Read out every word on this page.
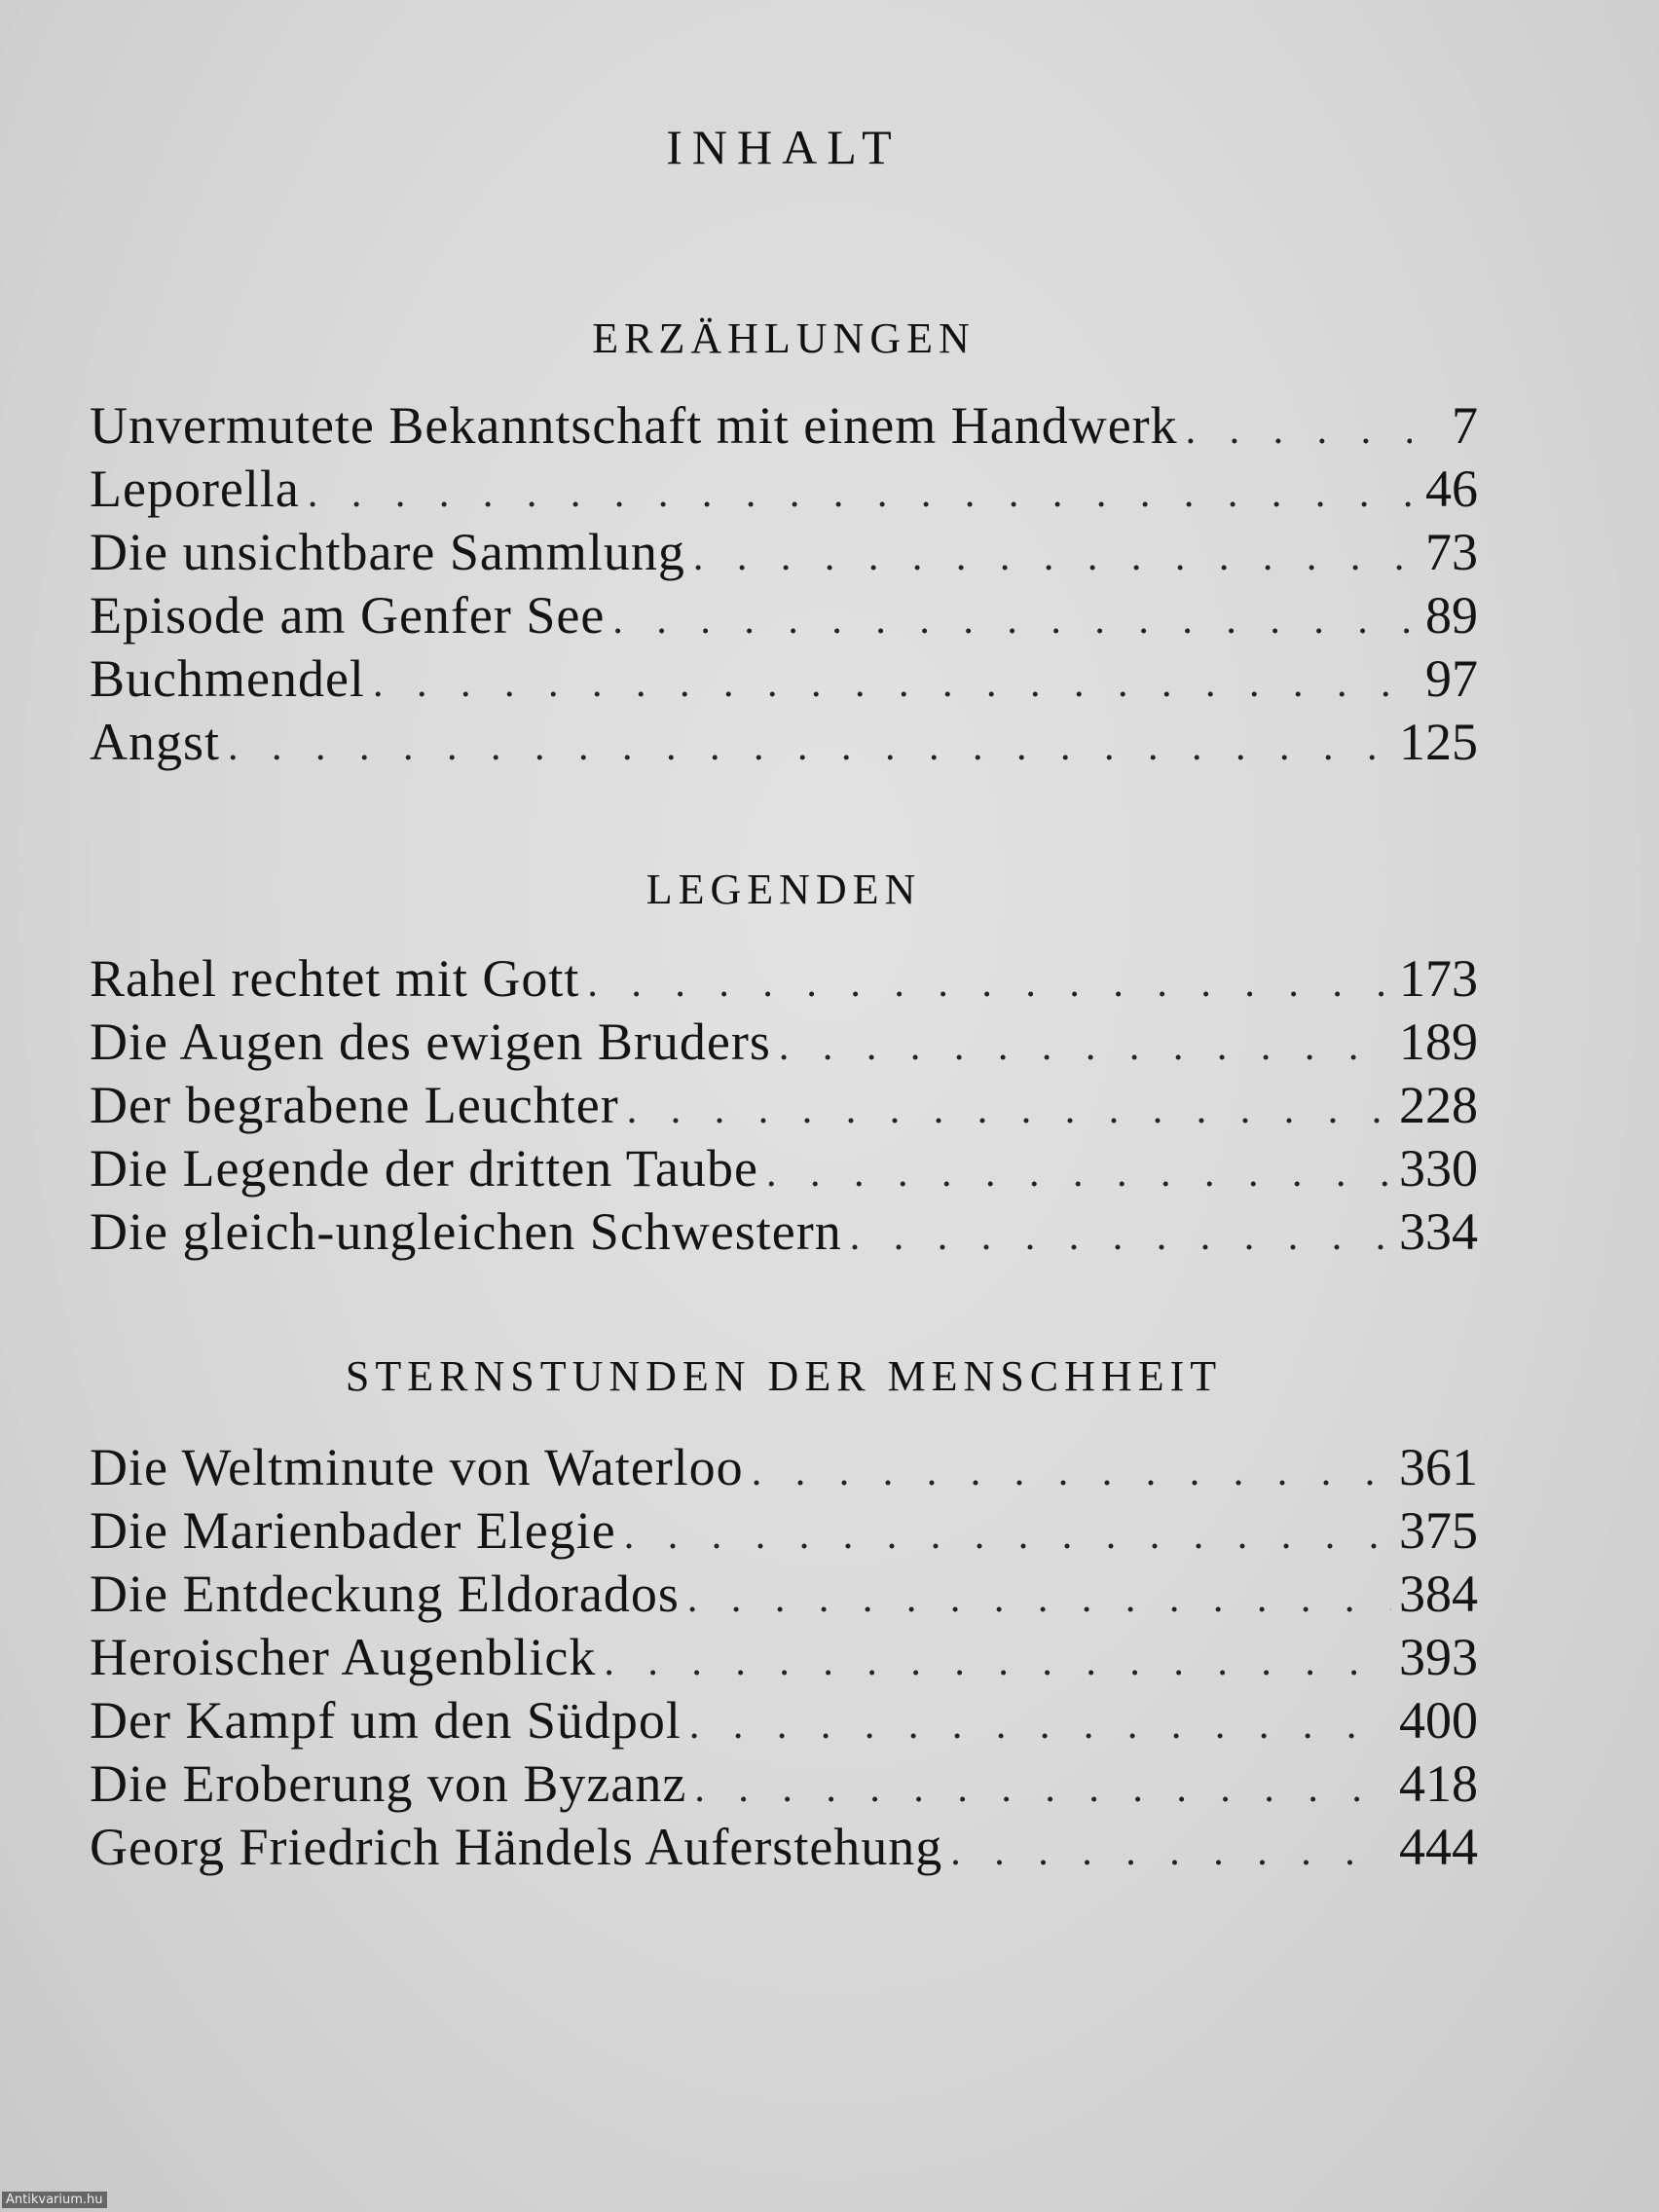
INHALT
ERZÄHLUNGEN
Unvermutete Bekanntschaft mit einem Handwerk . . .	7
Leporella . . .	46
Die unsichtbare Sammlung . . .	73
Episode am Genfer See . . .	89
Buchmendel . . .	97
Angst . . .	125
LEGENDEN
Rahel rechtet mit Gott . . .	173
Die Augen des ewigen Bruders . . .	189
Der begrabene Leuchter . . .	228
Die Legende der dritten Taube . . .	330
Die gleich-ungleichen Schwestern . . .	334
STERNSTUNDEN DER MENSCHHEIT
Die Weltminute von Waterloo . . .	361
Die Marienbader Elegie . . .	375
Die Entdeckung Eldorados . . .	384
Heroischer Augenblick . . .	393
Der Kampf um den Südpol . . .	400
Die Eroberung von Byzanz . . .	418
Georg Friedrich Händels Auferstehung . . .	444
Antikvarium.hu
